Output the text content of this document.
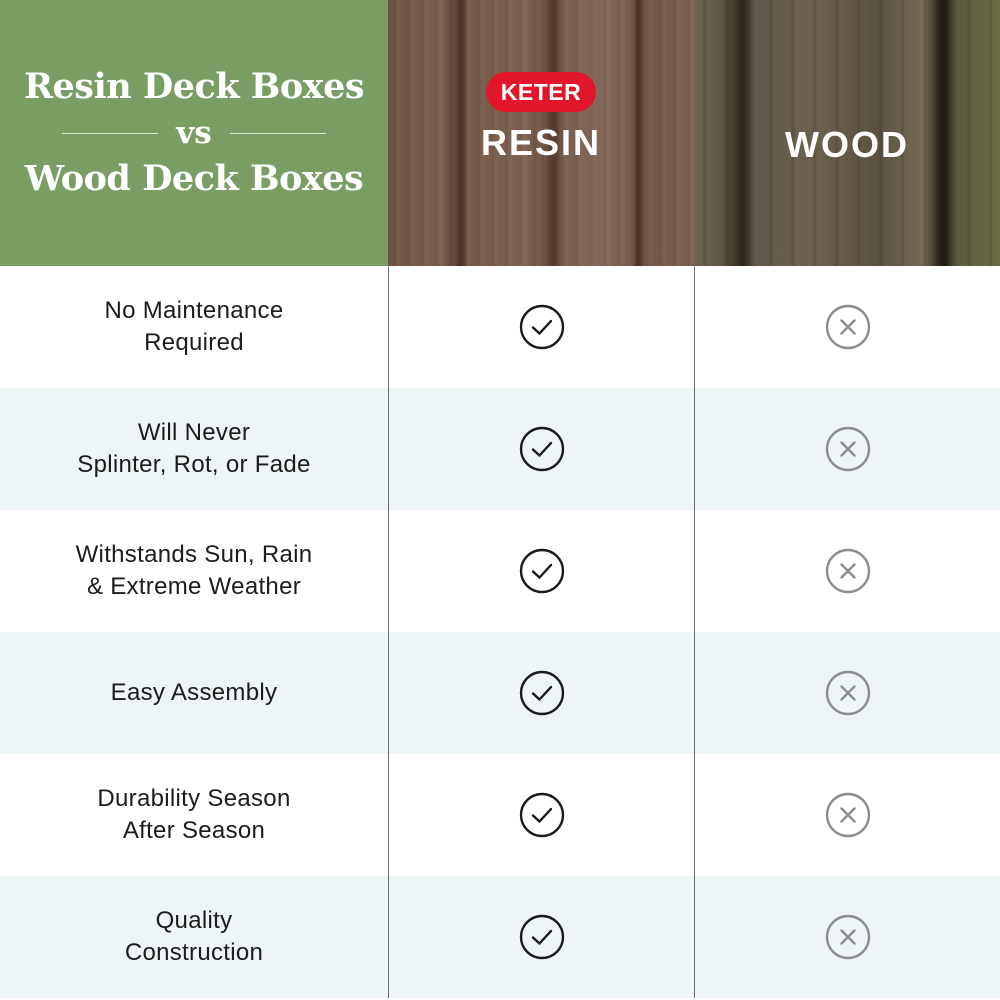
Resin Deck Boxes
vs
Wood Deck Boxes
KETER
RESIN	WOOD
No Maintenance
Required
Will Never
Splinter, Rot, or Fade
Withstands Sun, Rain
& Extreme Weather
Easy Assembly
Durability Season
After Season
Quality
Construction
